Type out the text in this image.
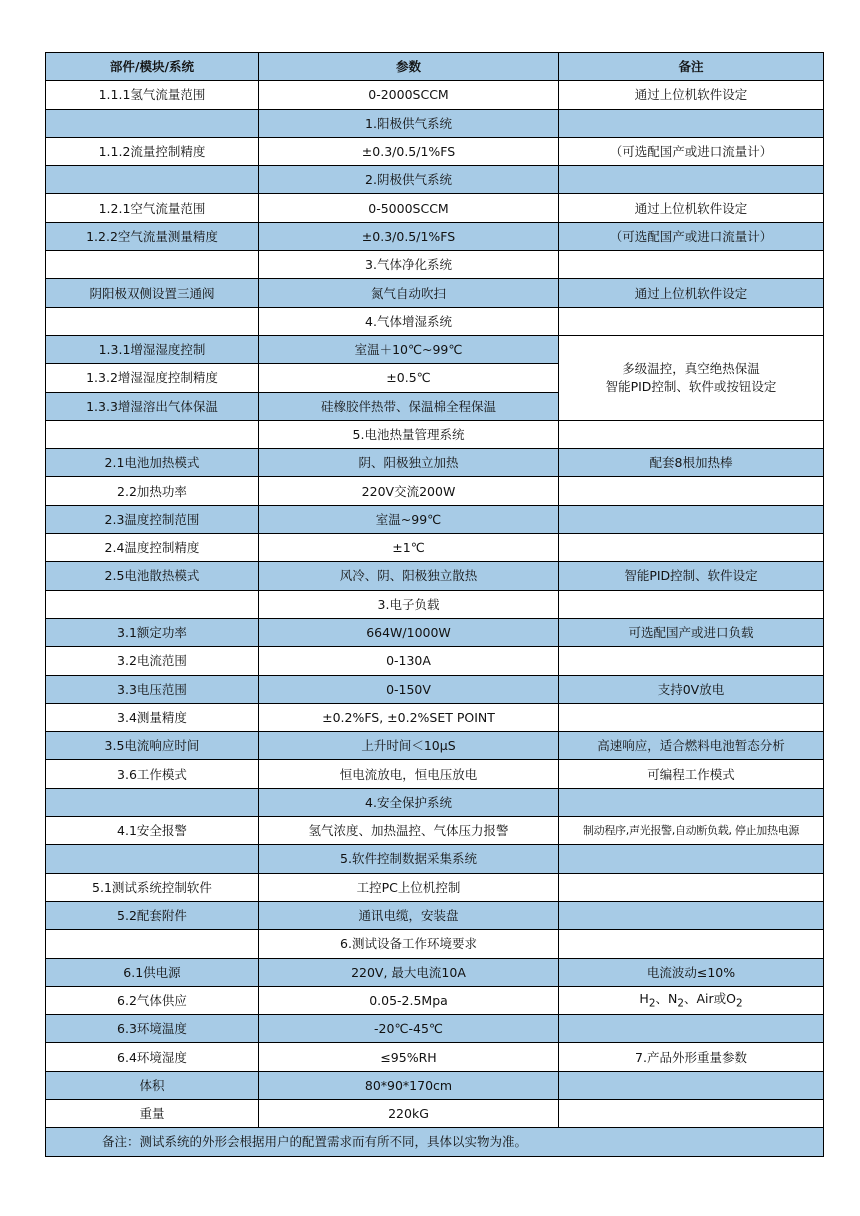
部件/模块/系统	参数	备注
1.1.1氢气流量范围	0-2000SCCM	通过上位机软件设定
	1.阳极供气系统	
1.1.2流量控制精度	±0.3/0.5/1%FS	（可选配国产或进口流量计）
	2.阴极供气系统	
1.2.1空气流量范围	0-5000SCCM	通过上位机软件设定
1.2.2空气流量测量精度	±0.3/0.5/1%FS	（可选配国产或进口流量计）
	3.气体净化系统	
阴阳极双侧设置三通阀	氮气自动吹扫	通过上位机软件设定
	4.气体增湿系统	
1.3.1增湿湿度控制	室温＋10℃~99℃	多级温控，真空绝热保温
智能PID控制、软件或按钮设定

1.3.2增湿湿度控制精度	±0.5℃	
1.3.3增湿溶出气体保温	硅橡胶伴热带、保温棉全程保温	
	5.电池热量管理系统	
2.1电池加热模式	阴、阳极独立加热	配套8根加热棒
2.2加热功率	220V交流200W	
2.3温度控制范围	室温~99℃	
2.4温度控制精度	±1℃	
2.5电池散热模式	风冷、阴、阳极独立散热	智能PID控制、软件设定
	3.电子负载	
3.1额定功率	664W/1000W	可选配国产或进口负载
3.2电流范围	0-130A	
3.3电压范围	0-150V	支持0V放电
3.4测量精度	±0.2%FS, ±0.2%SET POINT	
3.5电流响应时间	上升时间＜10μS	高速响应，适合燃料电池暂态分析
3.6工作模式	恒电流放电，恒电压放电	可编程工作模式
	4.安全保护系统	
4.1安全报警	氢气浓度、加热温控、气体压力报警	制动程序,声光报警,自动断负载, 停止加热电源
	5.软件控制数据采集系统	
5.1测试系统控制软件	工控PC上位机控制	
5.2配套附件	通讯电缆，安装盘	
	6.测试设备工作环境要求	
6.1供电源	220V, 最大电流10A	电流波动≤10%
6.2气体供应	0.05-2.5Mpa	$H_2$、$N_2$、Air或$O_2$
6.3环境温度	-20℃-45℃	
6.4环境湿度	≤95%RH	7.产品外形重量参数
体积	80*90*170cm	
重量	220kG	
备注：测试系统的外形会根据用户的配置需求而有所不同，具体以实物为准。		
